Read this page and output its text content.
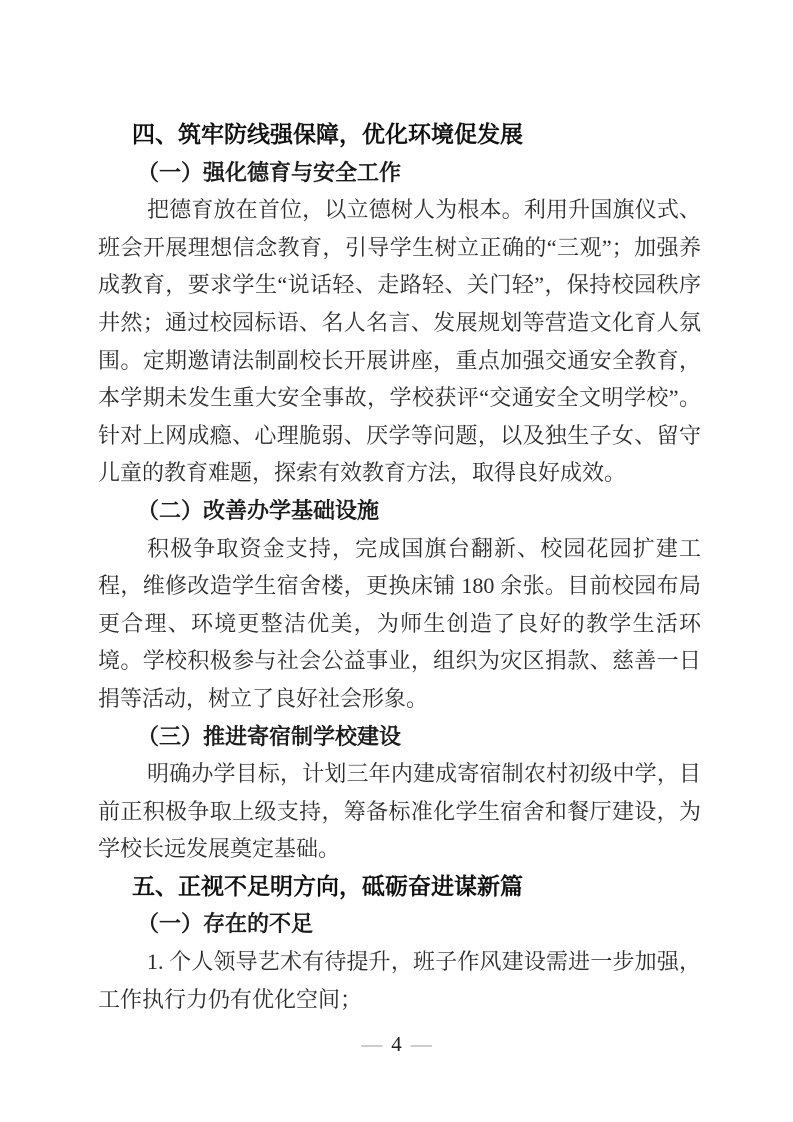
四、筑牢防线强保障，优化环境促发展
（一）强化德育与安全工作
把德育放在首位，以立德树人为根本。利用升国旗仪式、班会开展理想信念教育，引导学生树立正确的“三观”；加强养成教育，要求学生“说话轻、走路轻、关门轻”，保持校园秩序井然；通过校园标语、名人名言、发展规划等营造文化育人氛围。定期邀请法制副校长开展讲座，重点加强交通安全教育，本学期未发生重大安全事故，学校获评“交通安全文明学校”。针对上网成瘾、心理脆弱、厌学等问题，以及独生子女、留守儿童的教育难题，探索有效教育方法，取得良好成效。
（二）改善办学基础设施
积极争取资金支持，完成国旗台翻新、校园花园扩建工程，维修改造学生宿舍楼，更换床铺 180 余张。目前校园布局更合理、环境更整洁优美，为师生创造了良好的教学生活环境。学校积极参与社会公益事业，组织为灾区捐款、慈善一日捐等活动，树立了良好社会形象。
（三）推进寄宿制学校建设
明确办学目标，计划三年内建成寄宿制农村初级中学，目前正积极争取上级支持，筹备标准化学生宿舍和餐厅建设，为学校长远发展奠定基础。
五、正视不足明方向，砥砺奋进谋新篇
（一）存在的不足
1. 个人领导艺术有待提升，班子作风建设需进一步加强，工作执行力仍有优化空间；
— 4 —
